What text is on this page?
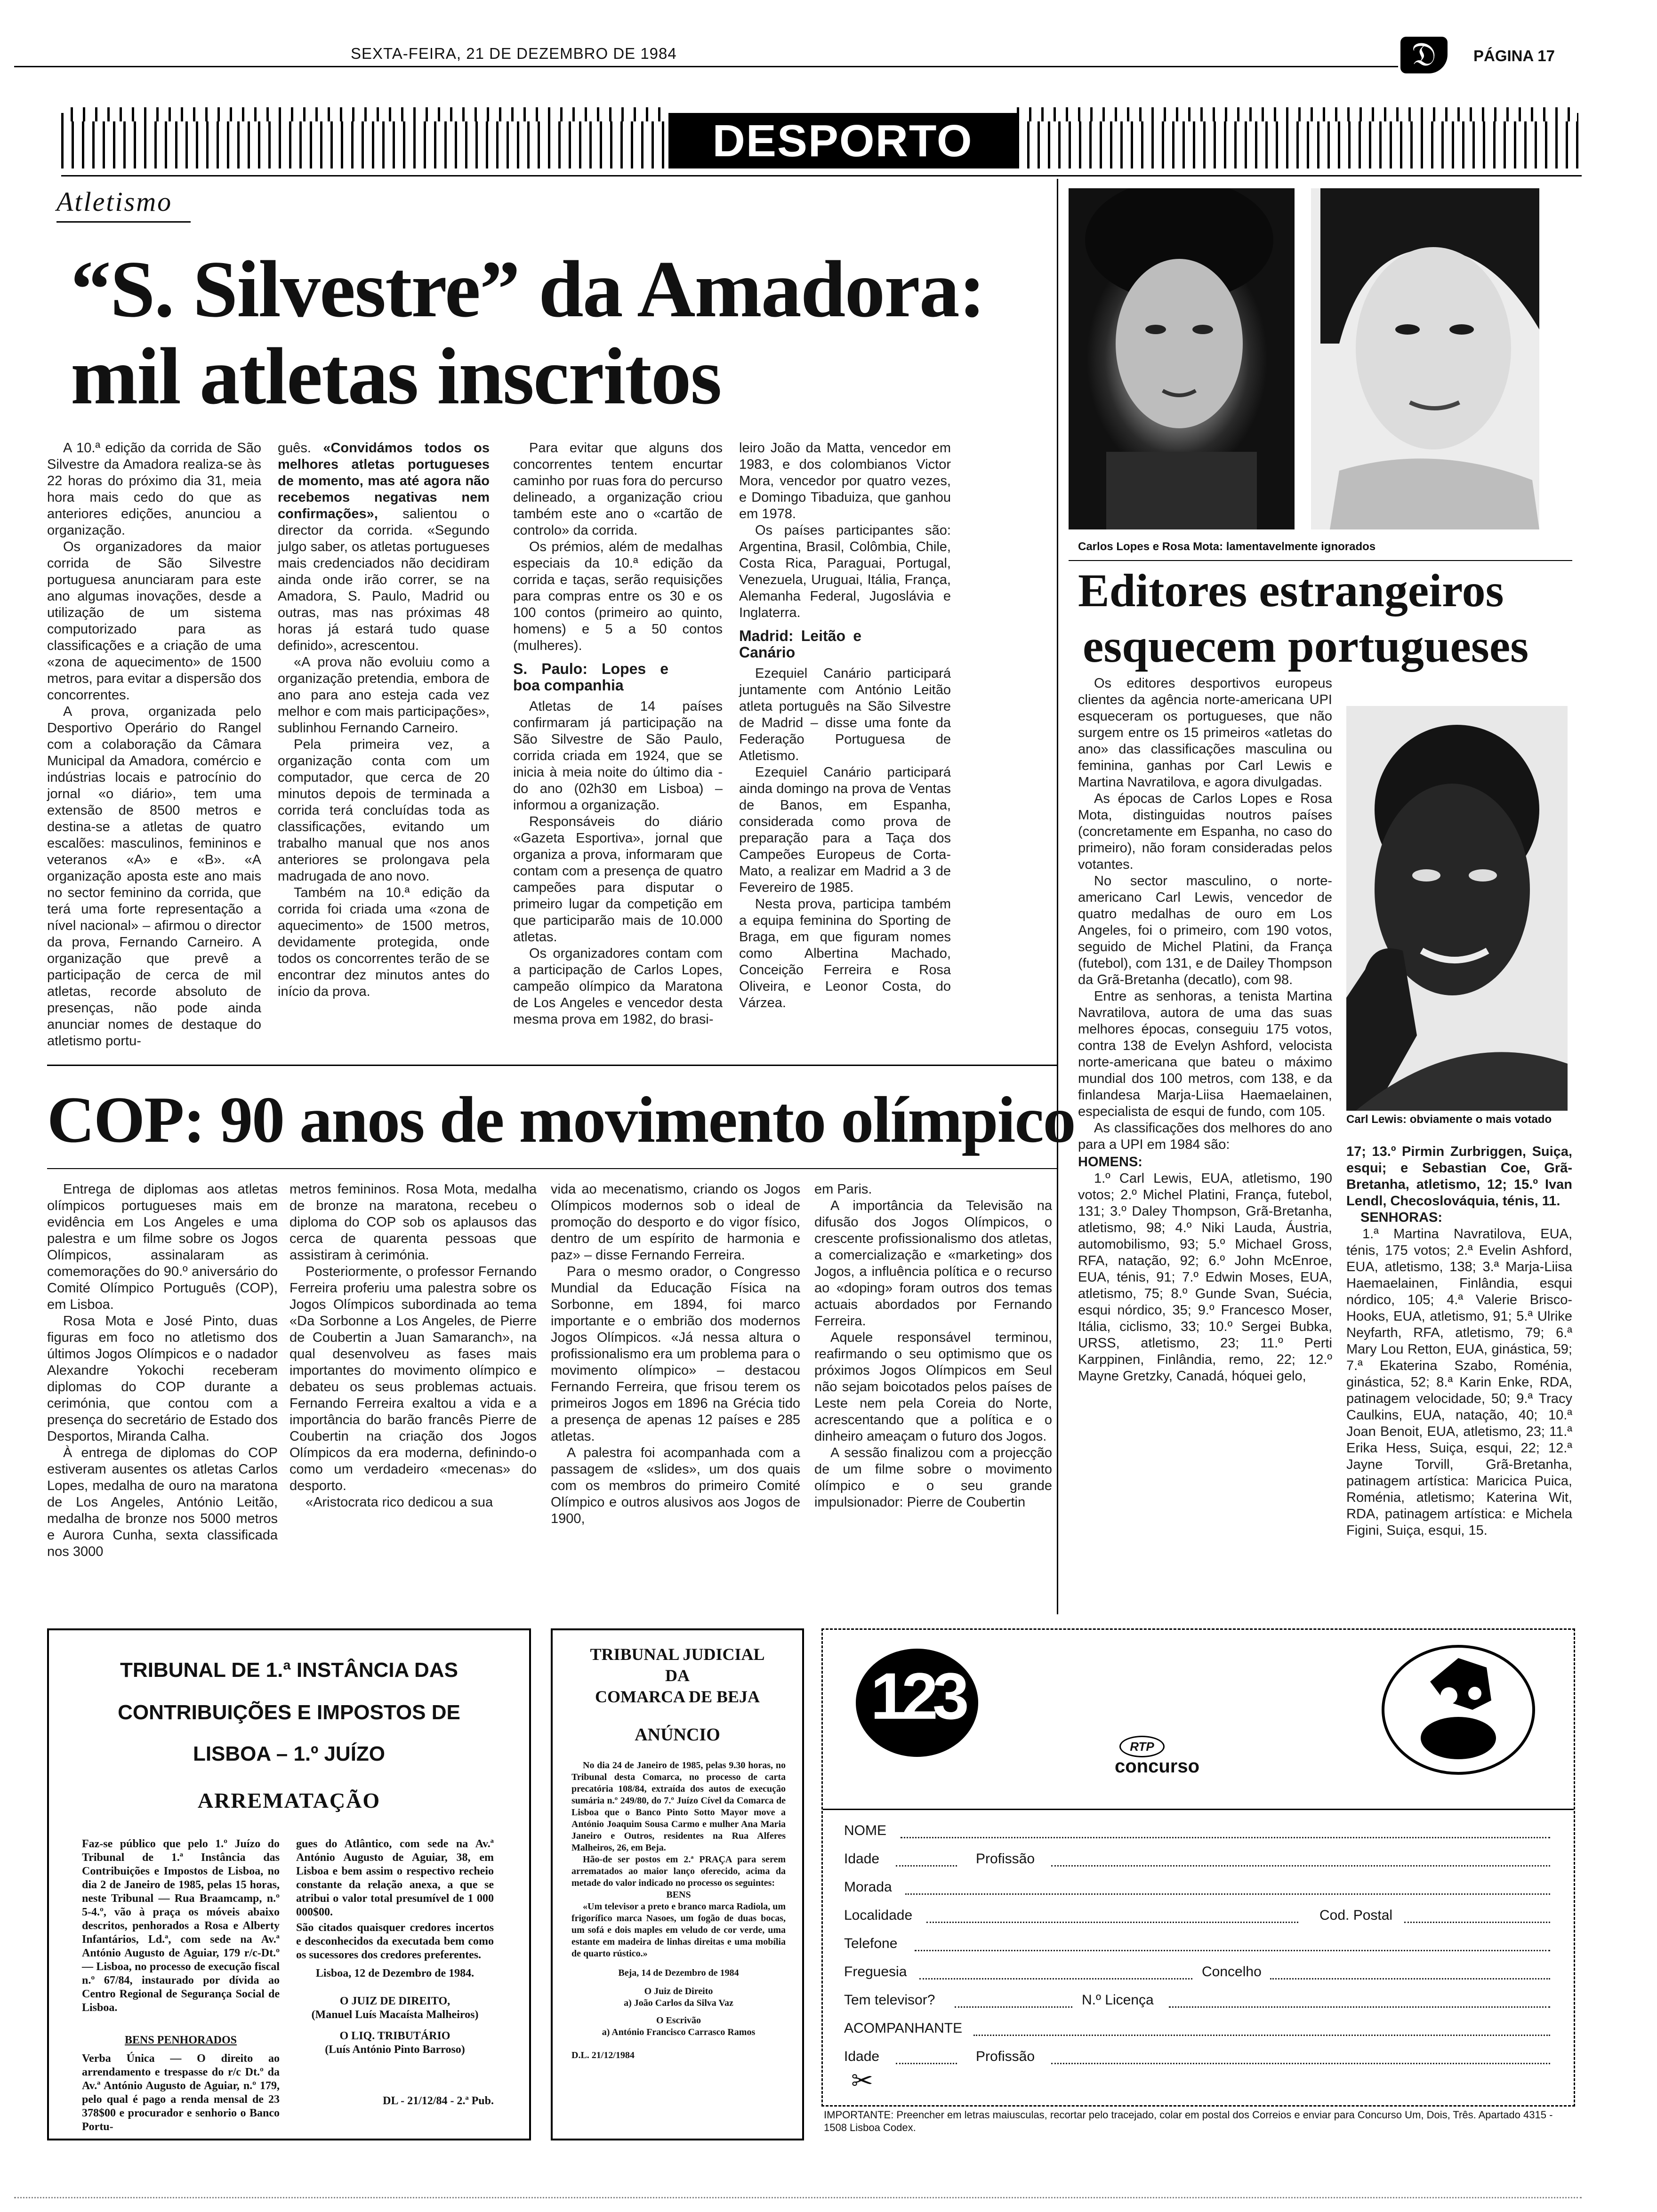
SEXTA-FEIRA, 21 DE DEZEMBRO DE 1984	𝔇	PÁGINA 17
DESPORTO
Atletismo
“S. Silvestre” da Amadora:
mil atletas inscritos

A 10.ª edição da corrida de São Silvestre da Amadora realiza-se às 22 horas do próximo dia 31, meia hora mais cedo do que as anteriores edições, anunciou a organização.

Os organizadores da maior corrida de São Silvestre portuguesa anunciaram para este ano algumas inovações, desde a utilização de um sistema computorizado para as classificações e a criação de uma «zona de aquecimento» de 1500 metros, para evitar a dispersão dos concorrentes.

A prova, organizada pelo Desportivo Operário do Rangel com a colaboração da Câmara Municipal da Amadora, comércio e indústrias locais e patrocínio do jornal «o diário», tem uma extensão de 8500 metros e destina-se a atletas de quatro escalões: masculinos, femininos e veteranos «A» e «B». «A organização aposta este ano mais no sector feminino da corrida, que terá uma forte representação a nível nacional» – afirmou o director da prova, Fernando Carneiro. A organização que prevê a participação de cerca de mil atletas, recorde absoluto de presenças, não pode ainda anunciar nomes de destaque do atletismo portu-

guês. «Convidámos todos os melhores atletas portugueses de momento, mas até agora não recebemos negativas nem confirmações», salientou o director da corrida. «Segundo julgo saber, os atletas portugueses mais credenciados não decidiram ainda onde irão correr, se na Amadora, S. Paulo, Madrid ou outras, mas nas próximas 48 horas já estará tudo quase definido», acrescentou.

«A prova não evoluiu como a organização pretendia, embora de ano para ano esteja cada vez melhor e com mais participações», sublinhou Fernando Carneiro.

Pela primeira vez, a organização conta com um computador, que cerca de 20 minutos depois de terminada a corrida terá concluídas toda as classificações, evitando um trabalho manual que nos anos anteriores se prolongava pela madrugada de ano novo.

Também na 10.ª edição da corrida foi criada uma «zona de aquecimento» de 1500 metros, devidamente protegida, onde todos os concorrentes terão de se encontrar dez minutos antes do início da prova.

Para evitar que alguns dos concorrentes tentem encurtar caminho por ruas fora do percurso delineado, a organização criou também este ano o «cartão de controlo» da corrida.

Os prémios, além de medalhas especiais da 10.ª edição da corrida e taças, serão requisições para compras entre os 30 e os 100 contos (primeiro ao quinto, homens) e 5 a 50 contos (mulheres).

S. Paulo: Lopes e boa companhia

Atletas de 14 países confirmaram já participação na São Silvestre de São Paulo, corrida criada em 1924, que se inicia à meia noite do último dia - do ano (02h30 em Lisboa) – informou a organização.

Responsáveis do diário «Gazeta Esportiva», jornal que organiza a prova, informaram que contam com a presença de quatro campeões para disputar o primeiro lugar da competição em que participarão mais de 10.000 atletas.

Os organizadores contam com a participação de Carlos Lopes, campeão olímpico da Maratona de Los Angeles e vencedor desta mesma prova em 1982, do brasi-

leiro João da Matta, vencedor em 1983, e dos colombianos Victor Mora, vencedor por quatro vezes, e Domingo Tibaduiza, que ganhou em 1978.

Os países participantes são: Argentina, Brasil, Colômbia, Chile, Costa Rica, Paraguai, Portugal, Venezuela, Uruguai, Itália, França, Alemanha Federal, Jugoslávia e Inglaterra.

Madrid: Leitão e Canário

Ezequiel Canário participará juntamente com António Leitão atleta português na São Silvestre de Madrid – disse uma fonte da Federação Portuguesa de Atletismo.

Ezequiel Canário participará ainda domingo na prova de Ventas de Banos, em Espanha, considerada como prova de preparação para a Taça dos Campeões Europeus de Corta-Mato, a realizar em Madrid a 3 de Fevereiro de 1985.

Nesta prova, participa também a equipa feminina do Sporting de Braga, em que figuram nomes como Albertina Machado, Conceição Ferreira e Rosa Oliveira, e Leonor Costa, do Várzea.

Carlos Lopes e Rosa Mota: lamentavelmente ignorados
Editores estrangeiros
esquecem portugueses

Os editores desportivos europeus clientes da agência norte-americana UPI esqueceram os portugueses, que não surgem entre os 15 primeiros «atletas do ano» das classificações masculina ou feminina, ganhas por Carl Lewis e Martina Navratilova, e agora divulgadas.

As épocas de Carlos Lopes e Rosa Mota, distinguidas noutros países (concretamente em Espanha, no caso do primeiro), não foram consideradas pelos votantes.

No sector masculino, o norte-americano Carl Lewis, vencedor de quatro medalhas de ouro em Los Angeles, foi o primeiro, com 190 votos, seguido de Michel Platini, da França (futebol), com 131, e de Dailey Thompson da Grã-Bretanha (decatlo), com 98.

Entre as senhoras, a tenista Martina Navratilova, autora de uma das suas melhores épocas, conseguiu 175 votos, contra 138 de Evelyn Ashford, velocista norte-americana que bateu o máximo mundial dos 100 metros, com 138, e da finlandesa Marja-Liisa Haemaelainen, especialista de esqui de fundo, com 105.

As classificações dos melhores do ano para a UPI em 1984 são:

HOMENS:

1.º Carl Lewis, EUA, atletismo, 190 votos; 2.º Michel Platini, França, futebol, 131; 3.º Daley Thompson, Grã-Bretanha, atletismo, 98; 4.º Niki Lauda, Áustria, automobilismo, 93; 5.º Michael Gross, RFA, natação, 92; 6.º John McEnroe, EUA, ténis, 91; 7.º Edwin Moses, EUA, atletismo, 75; 8.º Gunde Svan, Suécia, esqui nórdico, 35; 9.º Francesco Moser, Itália, ciclismo, 33; 10.º Sergei Bubka, URSS, atletismo, 23; 11.º Perti Karppinen, Finlândia, remo, 22; 12.º Mayne Gretzky, Canadá, hóquei gelo,

Carl Lewis: obviamente o mais votado

17; 13.º Pirmin Zurbriggen, Suiça, esqui; e Sebastian Coe, Grã-Bretanha, atletismo, 12; 15.º Ivan Lendl, Checoslováquia, ténis, 11.

SENHORAS:

1.ª Martina Navratilova, EUA, ténis, 175 votos; 2.ª Evelin Ashford, EUA, atletismo, 138; 3.ª Marja-Liisa Haemaelainen, Finlândia, esqui nórdico, 105; 4.ª Valerie Brisco-Hooks, EUA, atletismo, 91; 5.ª Ulrike Neyfarth, RFA, atletismo, 79; 6.ª Mary Lou Retton, EUA, ginástica, 59; 7.ª Ekaterina Szabo, Roménia, ginástica, 52; 8.ª Karin Enke, RDA, patinagem velocidade, 50; 9.ª Tracy Caulkins, EUA, natação, 40; 10.ª Joan Benoit, EUA, atletismo, 23; 11.ª Erika Hess, Suiça, esqui, 22; 12.ª Jayne Torvill, Grã-Bretanha, patinagem artística: Maricica Puica, Roménia, atletismo; Katerina Wit, RDA, patinagem artística: e Michela Figini, Suiça, esqui, 15.

COP: 90 anos de movimento olímpico

Entrega de diplomas aos atletas olímpicos portugueses mais em evidência em Los Angeles e uma palestra e um filme sobre os Jogos Olímpicos, assinalaram as comemorações do 90.º aniversário do Comité Olímpico Português (COP), em Lisboa.

Rosa Mota e José Pinto, duas figuras em foco no atletismo dos últimos Jogos Olímpicos e o nadador Alexandre Yokochi receberam diplomas do COP durante a cerimónia, que contou com a presença do secretário de Estado dos Desportos, Miranda Calha.

À entrega de diplomas do COP estiveram ausentes os atletas Carlos Lopes, medalha de ouro na maratona de Los Angeles, António Leitão, medalha de bronze nos 5000 metros e Aurora Cunha, sexta classificada nos 3000

metros femininos. Rosa Mota, medalha de bronze na maratona, recebeu o diploma do COP sob os aplausos das cerca de quarenta pessoas que assistiram à cerimónia.

Posteriormente, o professor Fernando Ferreira proferiu uma palestra sobre os Jogos Olímpicos subordinada ao tema «Da Sorbonne a Los Angeles, de Pierre de Coubertin a Juan Samaranch», na qual desenvolveu as fases mais importantes do movimento olímpico e debateu os seus problemas actuais. Fernando Ferreira exaltou a vida e a importância do barão francês Pierre de Coubertin na criação dos Jogos Olímpicos da era moderna, definindo-o como um verdadeiro «mecenas» do desporto.

«Aristocrata rico dedicou a sua

vida ao mecenatismo, criando os Jogos Olímpicos modernos sob o ideal de promoção do desporto e do vigor físico, dentro de um espírito de harmonia e paz» – disse Fernando Ferreira.

Para o mesmo orador, o Congresso Mundial da Educação Física na Sorbonne, em 1894, foi marco importante e o embrião dos modernos Jogos Olímpicos. «Já nessa altura o profissionalismo era um problema para o movimento olímpico» – destacou Fernando Ferreira, que frisou terem os primeiros Jogos em 1896 na Grécia tido a presença de apenas 12 países e 285 atletas.

A palestra foi acompanhada com a passagem de «slides», um dos quais com os membros do primeiro Comité Olímpico e outros alusivos aos Jogos de 1900,

em Paris.

A importância da Televisão na difusão dos Jogos Olímpicos, o crescente profissionalismo dos atletas, a comercialização e «marketing» dos Jogos, a influência política e o recurso ao «doping» foram outros dos temas actuais abordados por Fernando Ferreira.

Aquele responsável terminou, reafirmando o seu optimismo que os próximos Jogos Olímpicos em Seul não sejam boicotados pelos países de Leste nem pela Coreia do Norte, acrescentando que a política e o dinheiro ameaçam o futuro dos Jogos.

A sessão finalizou com a projecção de um filme sobre o movimento olímpico e o seu grande impulsionador: Pierre de Coubertin

TRIBUNAL DE 1.ª INSTÂNCIA DAS
CONTRIBUIÇÕES E IMPOSTOS DE
LISBOA – 1.º JUÍZO
ARREMATAÇÃO
Faz-se público que pelo 1.º Juízo do Tribunal de 1.ª Instância das Contribuições e Impostos de Lisboa, no dia 2 de Janeiro de 1985, pelas 15 horas, neste Tribunal — Rua Braamcamp, n.º 5-4.º, vão à praça os móveis abaixo descritos, penhorados a Rosa e Alberty Infantários, Ld.ª, com sede na Av.ª António Augusto de Aguiar, 179 r/c-Dt.º — Lisboa, no processo de execução fiscal n.º 67/84, instaurado por dívida ao Centro Regional de Segurança Social de Lisboa.
BENS PENHORADOS
Verba Única — O direito ao arrendamento e trespasse do r/c Dt.º da Av.ª António Augusto de Aguiar, n.º 179, pelo qual é pago a renda mensal de 23 378$00 e procurador e senhorio o Banco Portu-
gues do Atlântico, com sede na Av.ª António Augusto de Aguiar, 38, em Lisboa e bem assim o respectivo recheio constante da relação anexa, a que se atribui o valor total presumível de 1 000 000$00.
São citados quaisquer credores incertos e desconhecidos da executada bem como os sucessores dos credores preferentes.
Lisboa, 12 de Dezembro de 1984.
O JUIZ DE DIREITO,
(Manuel Luís Macaísta Malheiros)
O LIQ. TRIBUTÁRIO
(Luís António Pinto Barroso)
DL - 21/12/84 - 2.ª Pub.
TRIBUNAL JUDICIAL
DA
COMARCA DE BEJA
ANÚNCIO
No dia 24 de Janeiro de 1985, pelas 9.30 horas, no Tribunal desta Comarca, no processo de carta precatória 108/84, extraída dos autos de execução sumária n.º 249/80, do 7.º Juízo Cível da Comarca de Lisboa que o Banco Pinto Sotto Mayor move a António Joaquim Sousa Carmo e mulher Ana Maria Janeiro e Outros, residentes na Rua Alferes Malheiros, 26, em Beja.
Hão-de ser postos em 2.ª PRAÇA para serem arrematados ao maior lanço oferecido, acima da metade do valor indicado no processo os seguintes:
BENS
«Um televisor a preto e branco marca Radiola, um frigorífico marca Nasoes, um fogão de duas bocas, um sofá e dois maples em veludo de cor verde, uma estante em madeira de linhas direitas e uma mobília de quarto rústico.»
Beja, 14 de Dezembro de 1984
O Juiz de Direito
a) João Carlos da Silva Vaz
O Escrivão
a) António Francisco Carrasco Ramos
D.L. 21/12/1984
123
RTP
concurso
NOME
Idade	Profissão
Morada
Localidade	Cod. Postal
Telefone
Freguesia	Concelho
Tem televisor?	N.º Licença
ACOMPANHANTE
Idade	Profissão
✂
IMPORTANTE: Preencher em letras maiusculas, recortar pelo tracejado, colar em postal dos Correios e enviar para Concurso Um, Dois, Três. Apartado 4315 - 1508 Lisboa Codex.
